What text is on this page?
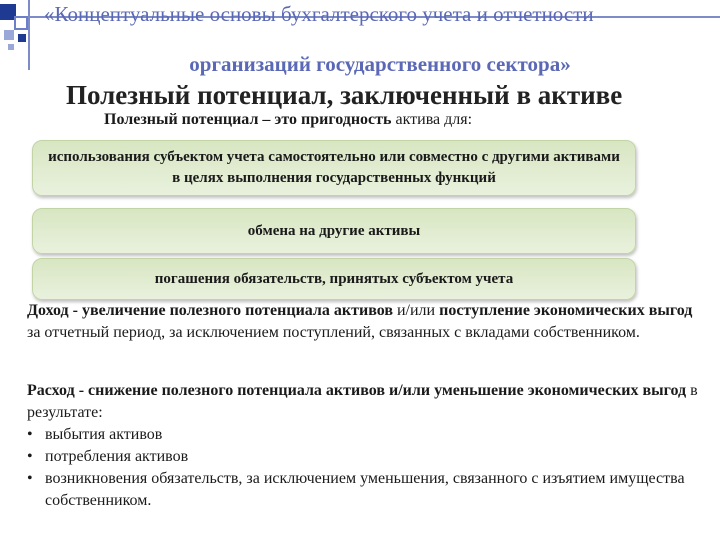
«Концептуальные основы бухгалтерского учета и отчетности
организаций государственного сектора»
Полезный потенциал, заключенный в активе
Полезный потенциал – это пригодность актива для:
использования субъектом учета самостоятельно или совместно с другими активами в целях выполнения государственных функций
обмена на другие активы
погашения обязательств, принятых субъектом учета
Доход - увеличение полезного потенциала активов и/или поступление экономических выгод за отчетный период, за исключением поступлений, связанных с вкладами собственником.
Расход - снижение полезного потенциала активов и/или уменьшение экономических выгод в результате:
• выбытия активов
• потребления активов
• возникновения обязательств, за исключением уменьшения, связанного с изъятием имущества собственником.
